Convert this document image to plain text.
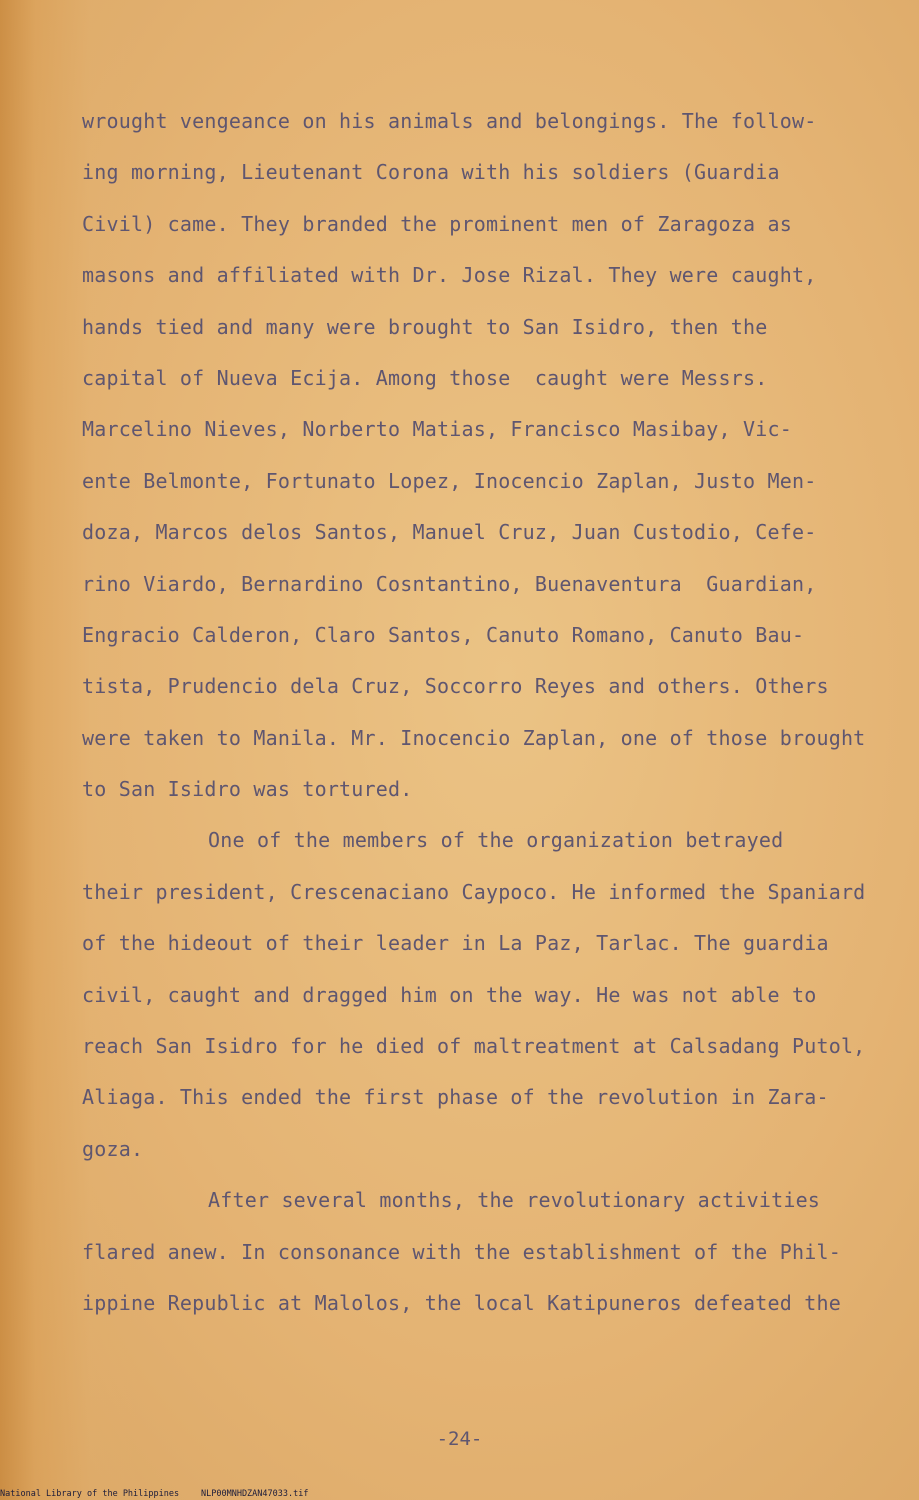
wrought vengeance on his animals and belongings. The follow-
ing morning, Lieutenant Corona with his soldiers (Guardia
Civil) came. They branded the prominent men of Zaragoza as
masons and affiliated with Dr. Jose Rizal. They were caught,
hands tied and many were brought to San Isidro, then the
capital of Nueva Ecija. Among those  caught were Messrs.
Marcelino Nieves, Norberto Matias, Francisco Masibay, Vic-
ente Belmonte, Fortunato Lopez, Inocencio Zaplan, Justo Men-
doza, Marcos delos Santos, Manuel Cruz, Juan Custodio, Cefe-
rino Viardo, Bernardino Cosntantino, Buenaventura  Guardian,
Engracio Calderon, Claro Santos, Canuto Romano, Canuto Bau-
tista, Prudencio dela Cruz, Soccorro Reyes and others. Others
were taken to Manila. Mr. Inocencio Zaplan, one of those brought
to San Isidro was tortured.
One of the members of the organization betrayed
their president, Crescenaciano Caypoco. He informed the Spaniard
of the hideout of their leader in La Paz, Tarlac. The guardia
civil, caught and dragged him on the way. He was not able to
reach San Isidro for he died of maltreatment at Calsadang Putol,
Aliaga. This ended the first phase of the revolution in Zara-
goza.
After several months, the revolutionary activities
flared anew. In consonance with the establishment of the Phil-
ippine Republic at Malolos, the local Katipuneros defeated the
-24-
National Library of the Philippines	NLP00MNHDZAN47033.tif
